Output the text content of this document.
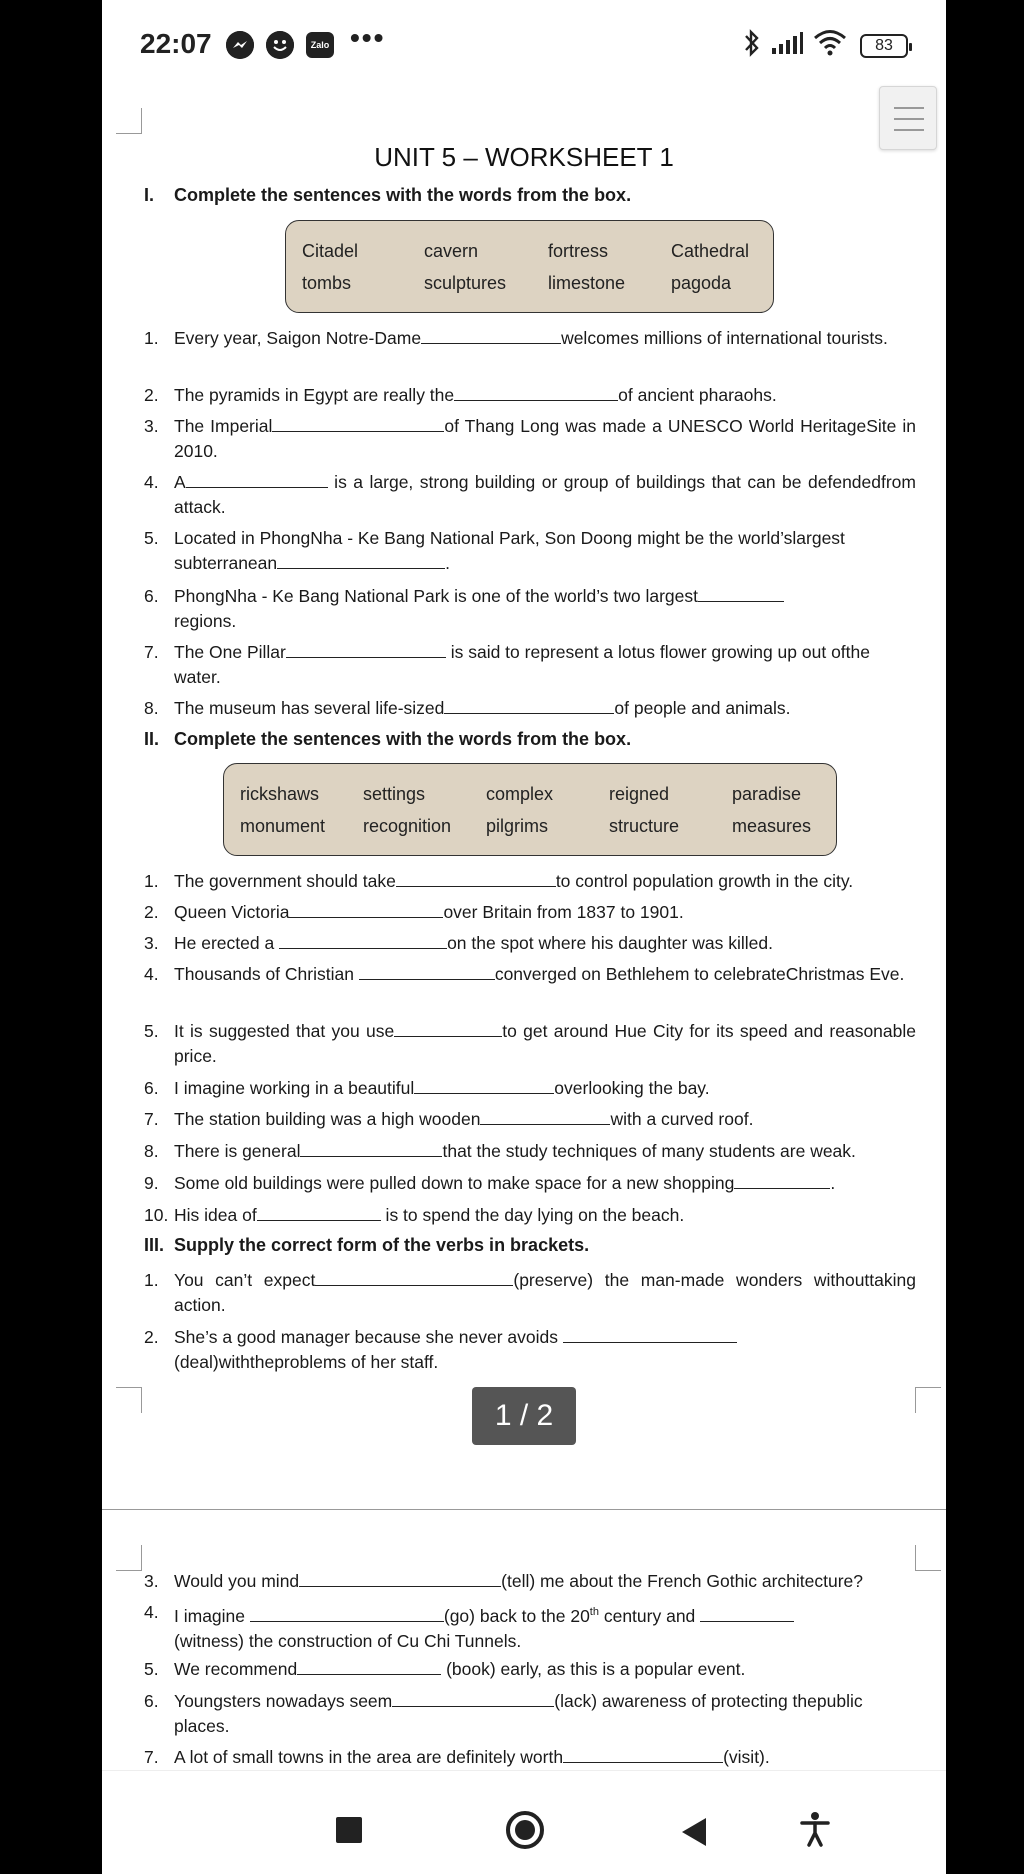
22:07	Zalo •••	83
UNIT 5 – WORKSHEET 1
I. Complete the sentences with the words from the box.
Citadel	cavern	fortress	Cathedral
tombs	sculptures	limestone	pagoda
1. Every year, Saigon Notre-Dame	welcomes millions of international tourists.
2. The pyramids in Egypt are really the	of ancient pharaohs.
3. The Imperial	of Thang Long was made a UNESCO World HeritageSite in 2010.
4. A	is a large, strong building or group of buildings that can be defendedfrom attack.
5. Located in PhongNha - Ke Bang National Park, Son Doong might be the world’slargest subterranean	.
6. PhongNha - Ke Bang National Park is one of the world’s two largest
regions.
7. The One Pillar	is said to represent a lotus flower growing up out ofthe water.
8. The museum has several life-sized	of people and animals.
II. Complete the sentences with the words from the box.
rickshaws	settings	complex	reigned	paradise
monument	recognition	pilgrims	structure	measures
1. The government should take	to control population growth in the city.
2. Queen Victoria	over Britain from 1837 to 1901.
3. He erected a	on the spot where his daughter was killed.
4. Thousands of Christian	converged on Bethlehem to celebrateChristmas Eve.
5. It is suggested that you use	to get around Hue City for its speed and reasonable price.
6. I imagine working in a beautiful	overlooking the bay.
7. The station building was a high wooden	with a curved roof.
8. There is general	that the study techniques of many students are weak.
9. Some old buildings were pulled down to make space for a new shopping	.
10. His idea of	is to spend the day lying on the beach.
III. Supply the correct form of the verbs in brackets.
1. You can’t expect	(preserve) the man-made wonders withouttaking action.
2. She’s a good manager because she never avoids
(deal)withtheproblems of her staff.
1 / 2
3. Would you mind	(tell) me about the French Gothic architecture?
4. I imagine	(go) back to the 20th century and
(witness) the construction of Cu Chi Tunnels.
5. We recommend	(book) early, as this is a popular event.
6. Youngsters nowadays seem	(lack) awareness of protecting thepublic places.
7. A lot of small towns in the area are definitely worth	(visit).
